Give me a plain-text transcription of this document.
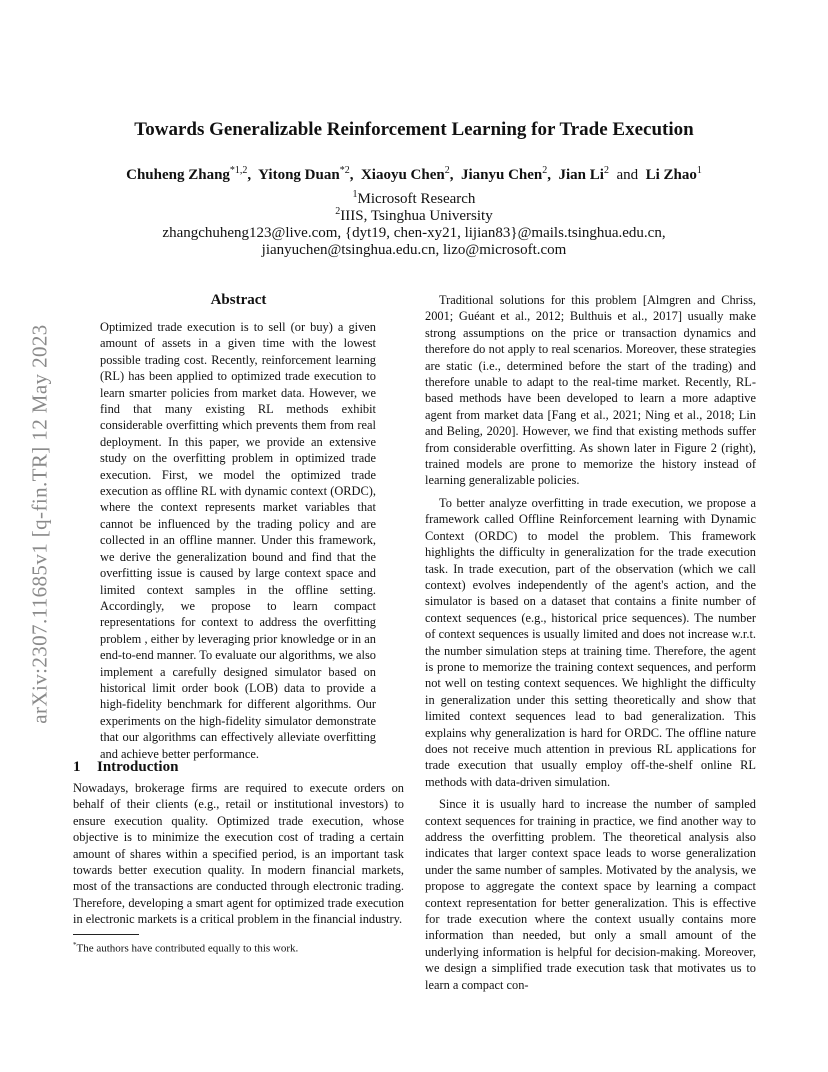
arXiv:2307.11685v1 [q-fin.TR] 12 May 2023
Towards Generalizable Reinforcement Learning for Trade Execution
Chuheng Zhang$^{*1,2}$,  Yitong Duan$^{*2}$,  Xiaoyu Chen$^2$,  Jianyu Chen$^2$,  Jian Li$^2$ and Li Zhao$^1$
$^1$Microsoft Research
$^2$IIIS, Tsinghua University
zhangchuheng123@live.com, {dyt19, chen-xy21, lijian83}@mails.tsinghua.edu.cn,
jianyuchen@tsinghua.edu.cn, lizo@microsoft.com
Abstract

Optimized trade execution is to sell (or buy) a given amount of assets in a given time with the lowest possible trading cost. Recently, reinforcement learning (RL) has been applied to optimized trade execution to learn smarter policies from market data. However, we find that many existing RL methods exhibit considerable overfitting which prevents them from real deployment. In this paper, we provide an extensive study on the overfitting problem in optimized trade execution. First, we model the optimized trade execution as offline RL with dynamic context (ORDC), where the context represents market variables that cannot be influenced by the trading policy and are collected in an offline manner. Under this framework, we derive the generalization bound and find that the overfitting issue is caused by large context space and limited context samples in the offline setting. Accordingly, we propose to learn compact representations for context to address the overfitting problem , either by leveraging prior knowledge or in an end-to-end manner. To evaluate our algorithms, we also implement a carefully designed simulator based on historical limit order book (LOB) data to provide a high-fidelity benchmark for different algorithms. Our experiments on the high-fidelity simulator demonstrate that our algorithms can effectively alleviate overfitting and achieve better performance.

1 Introduction

Nowadays, brokerage firms are required to execute orders on behalf of their clients (e.g., retail or institutional investors) to ensure execution quality. Optimized trade execution, whose objective is to minimize the execution cost of trading a certain amount of shares within a specified period, is an important task towards better execution quality. In modern financial markets, most of the transactions are conducted through electronic trading. Therefore, developing a smart agent for optimized trade execution in electronic markets is a critical problem in the financial industry.

*The authors have contributed equally to this work.

Traditional solutions for this problem [Almgren and Chriss, 2001; Guéant et al., 2012; Bulthuis et al., 2017] usually make strong assumptions on the price or transaction dynamics and therefore do not apply to real scenarios. Moreover, these strategies are static (i.e., determined before the start of the trading) and therefore unable to adapt to the real-time market. Recently, RL-based methods have been developed to learn a more adaptive agent from market data [Fang et al., 2021; Ning et al., 2018; Lin and Beling, 2020]. However, we find that existing methods suffer from considerable overfitting. As shown later in Figure 2 (right), trained models are prone to memorize the history instead of learning generalizable policies.

To better analyze overfitting in trade execution, we propose a framework called Offline Reinforcement learning with Dynamic Context (ORDC) to model the problem. This framework highlights the difficulty in generalization for the trade execution task. In trade execution, part of the observation (which we call context) evolves independently of the agent's action, and the simulator is based on a dataset that contains a finite number of context sequences (e.g., historical price sequences). The number of context sequences is usually limited and does not increase w.r.t. the number simulation steps at training time. Therefore, the agent is prone to memorize the training context sequences, and perform not well on testing context sequences. We highlight the difficulty in generalization under this setting theoretically and show that limited context sequences lead to bad generalization. This explains why generalization is hard for ORDC. The offline nature does not receive much attention in previous RL applications for trade execution that usually employ off-the-shelf online RL methods with data-driven simulation.

Since it is usually hard to increase the number of sampled context sequences for training in practice, we find another way to address the overfitting problem. The theoretical analysis also indicates that larger context space leads to worse generalization under the same number of samples. Motivated by the analysis, we propose to aggregate the context space by learning a compact context representation for better generalization. This is effective for trade execution where the context usually contains more information than needed, but only a small amount of the underlying information is helpful for decision-making. Moreover, we design a simplified trade execution task that motivates us to learn a compact con-
